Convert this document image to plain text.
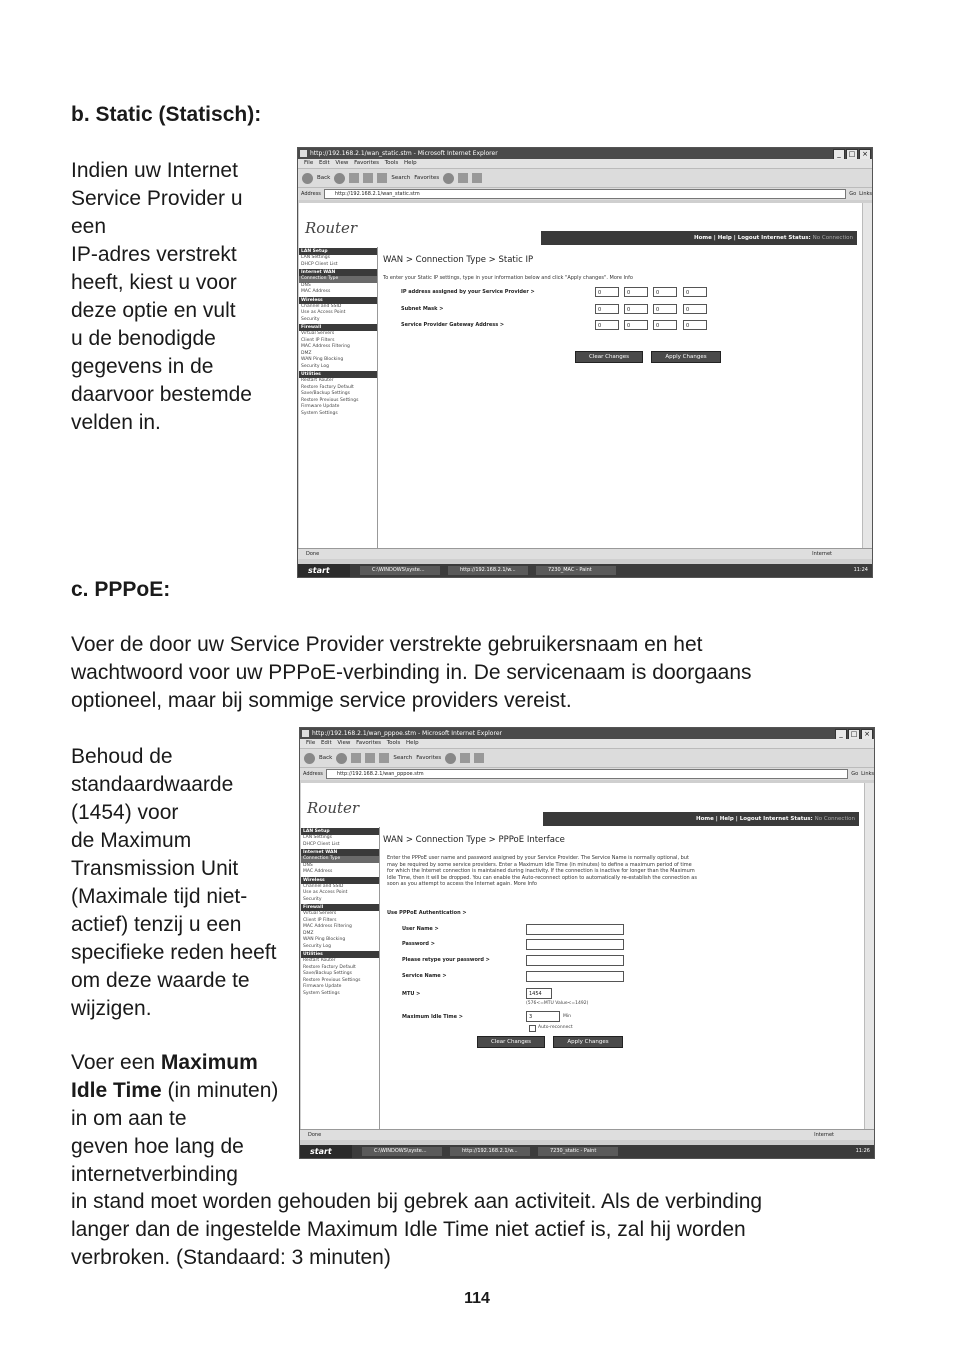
b. Static (Statisch):
Indien uw Internet
Service Provider u
een
IP-adres verstrekt
heeft, kiest u voor
deze optie en vult
u de benodigde
gegevens in de
daarvoor bestemde
velden in.
http://192.168.2.1/wan_static.stm - Microsoft Internet Explorer	_	□ ×
File Edit View Favorites Tools Help
Back	Search Favorites
Address	http://192.168.2.1/wan_static.stm	Go Links
Router
Home | Help | Logout Internet Status: No Connection
LAN Setup
LAN Settings
DHCP Client List
Internet WAN
Connection Type
DNS
MAC Address
Wireless
Channel and SSID
Use as Access Point
Security
Firewall
Virtual Servers
Client IP Filters
MAC Address Filtering
DMZ
WAN Ping Blocking
Security Log
Utilities
Restart Router
Restore Factory Default
Save/Backup Settings
Restore Previous Settings
Firmware Update
System Settings
WAN > Connection Type > Static IP
To enter your Static IP settings, type in your information below and click "Apply changes". More Info
IP address assigned by your Service Provider >	0	0	0	0
Subnet Mask >	0	0	0	0
Service Provider Gateway Address >	0	0	0	0
Clear Changes	Apply Changes
Done	Internet
start	C:\WINDOWS\syste...	http://192.168.2.1/w...	7230_MAC - Paint	11:24
c. PPPoE:
Voer de door uw Service Provider verstrekte gebruikersnaam en het
wachtwoord voor uw PPPoE-verbinding in. De servicenaam is doorgaans
optioneel, maar bij sommige service providers vereist.
Behoud de
standaardwaarde
(1454) voor
de Maximum
Transmission Unit
(Maximale tijd niet-
actief) tenzij u een
specifieke reden heeft
om deze waarde te
wijzigen.
Voer een Maximum
Idle Time (in minuten)
in om aan te
geven hoe lang de
internetverbinding
in stand moet worden gehouden bij gebrek aan activiteit. Als de verbinding
langer dan de ingestelde Maximum Idle Time niet actief is, zal hij worden
verbroken. (Standaard: 3 minuten)
http://192.168.2.1/wan_pppoe.stm - Microsoft Internet Explorer	_	□ ×
File Edit View Favorites Tools Help
Back	Search Favorites
Address	http://192.168.2.1/wan_pppoe.stm	Go Links
Router
Home | Help | Logout Internet Status: No Connection
LAN Setup
LAN Settings
DHCP Client List
Internet WAN
Connection Type
DNS
MAC Address
Wireless
Channel and SSID
Use as Access Point
Security
Firewall
Virtual Servers
Client IP Filters
MAC Address Filtering
DMZ
WAN Ping Blocking
Security Log
Utilities
Restart Router
Restore Factory Default
Save/Backup Settings
Restore Previous Settings
Firmware Update
System Settings
WAN > Connection Type > PPPoE Interface
Enter the PPPoE user name and password assigned by your Service Provider. The Service Name is normally optional, but may be required by some service providers. Enter a Maximum Idle Time (in minutes) to define a maximum period of time for which the Internet connection is maintained during inactivity. If the connection is inactive for longer than the Maximum Idle Time, then it will be dropped. You can enable the Auto-reconnect option to automatically re-establish the connection as soon as you attempt to access the Internet again. More Info
Use PPPoE Authentication >
User Name >
Password >
Please retype your password >
Service Name >
MTU >	1454
(576<=MTU Value<=1492)
Maximum Idle Time >	3	Min
Auto-reconnect
Clear Changes	Apply Changes
Done	Internet
start	C:\WINDOWS\syste...	http://192.168.2.1/w...	7230_static - Paint	11:26
114
